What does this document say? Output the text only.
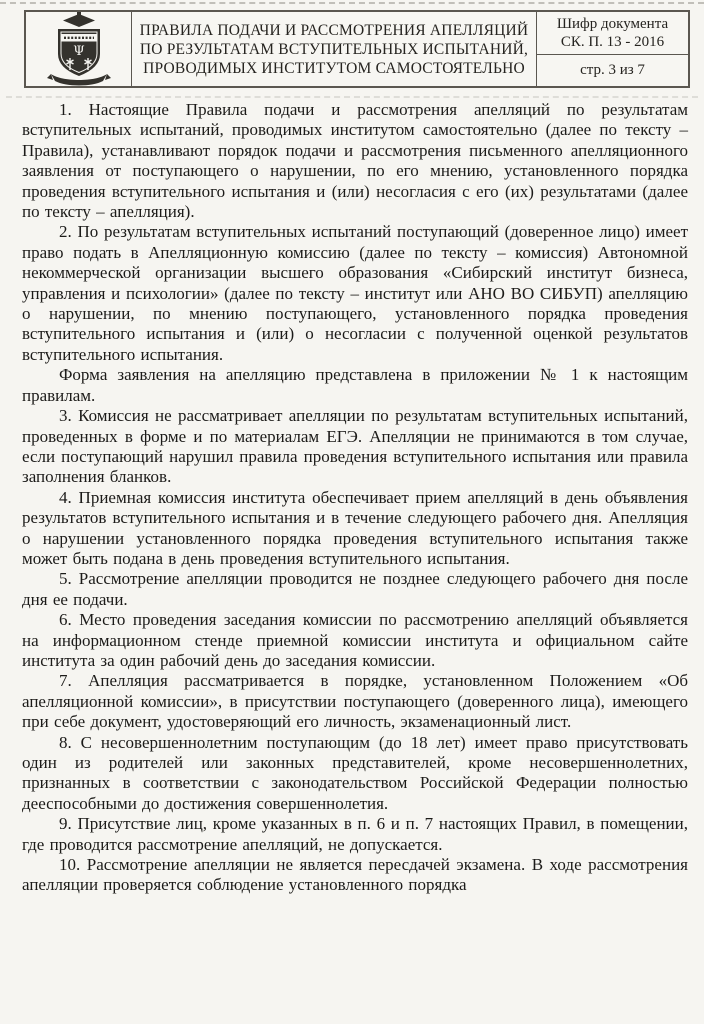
Ψ
ПРАВИЛА ПОДАЧИ И РАССМОТРЕНИЯ АПЕЛЛЯЦИЙ
ПО РЕЗУЛЬТАТАМ ВСТУПИТЕЛЬНЫХ ИСПЫТАНИЙ,
ПРОВОДИМЫХ ИНСТИТУТОМ САМОСТОЯТЕЛЬНО
Шифр документа
СК. П. 13 - 2016
стр. 3 из 7

1. Настоящие Правила подачи и рассмотрения апелляций по результатам вступительных испытаний, проводимых институтом самостоятельно (далее по тексту – Правила), устанавливают порядок подачи и рассмотрения письменного апелляционного заявления от поступающего о нарушении, по его мнению, установленного порядка проведения вступительного испытания и (или) несогласия с его (их) результатами (далее по тексту – апелляция).

2. По результатам вступительных испытаний поступающий (доверенное лицо) имеет право подать в Апелляционную комиссию (далее по тексту – комиссия) Автономной некоммерческой организации высшего образования «Сибирский институт бизнеса, управления и психологии» (далее по тексту – институт или АНО ВО СИБУП) апелляцию о нарушении, по мнению поступающего, установленного порядка проведения вступительного испытания и (или) о несогласии с полученной оценкой результатов вступительного испытания.

Форма заявления на апелляцию представлена в приложении № 1 к настоящим правилам.

3. Комиссия не рассматривает апелляции по результатам вступительных испытаний, проведенных в форме и по материалам ЕГЭ. Апелляции не принимаются в том случае, если поступающий нарушил правила проведения вступительного испытания или правила заполнения бланков.

4. Приемная комиссия института обеспечивает прием апелляций в день объявления результатов вступительного испытания и в течение следующего рабочего дня. Апелляция о нарушении установленного порядка проведения вступительного испытания также может быть подана в день проведения вступительного испытания.

5. Рассмотрение апелляции проводится не позднее следующего рабочего дня после дня ее подачи.

6. Место проведения заседания комиссии по рассмотрению апелляций объявляется на информационном стенде приемной комиссии института и официальном сайте института за один рабочий день до заседания комиссии.

7. Апелляция рассматривается в порядке, установленном Положением «Об апелляционной комиссии», в присутствии поступающего (доверенного лица), имеющего при себе документ, удостоверяющий его личность, экзаменационный лист.

8. С несовершеннолетним поступающим (до 18 лет) имеет право присутствовать один из родителей или законных представителей, кроме несовершеннолетних, признанных в соответствии с законодательством Российской Федерации полностью дееспособными до достижения совершеннолетия.

9. Присутствие лиц, кроме указанных в п. 6 и п. 7 настоящих Правил, в помещении, где проводится рассмотрение апелляций, не допускается.

10. Рассмотрение апелляции не является пересдачей экзамена. В ходе рассмотрения апелляции проверяется соблюдение установленного порядка
